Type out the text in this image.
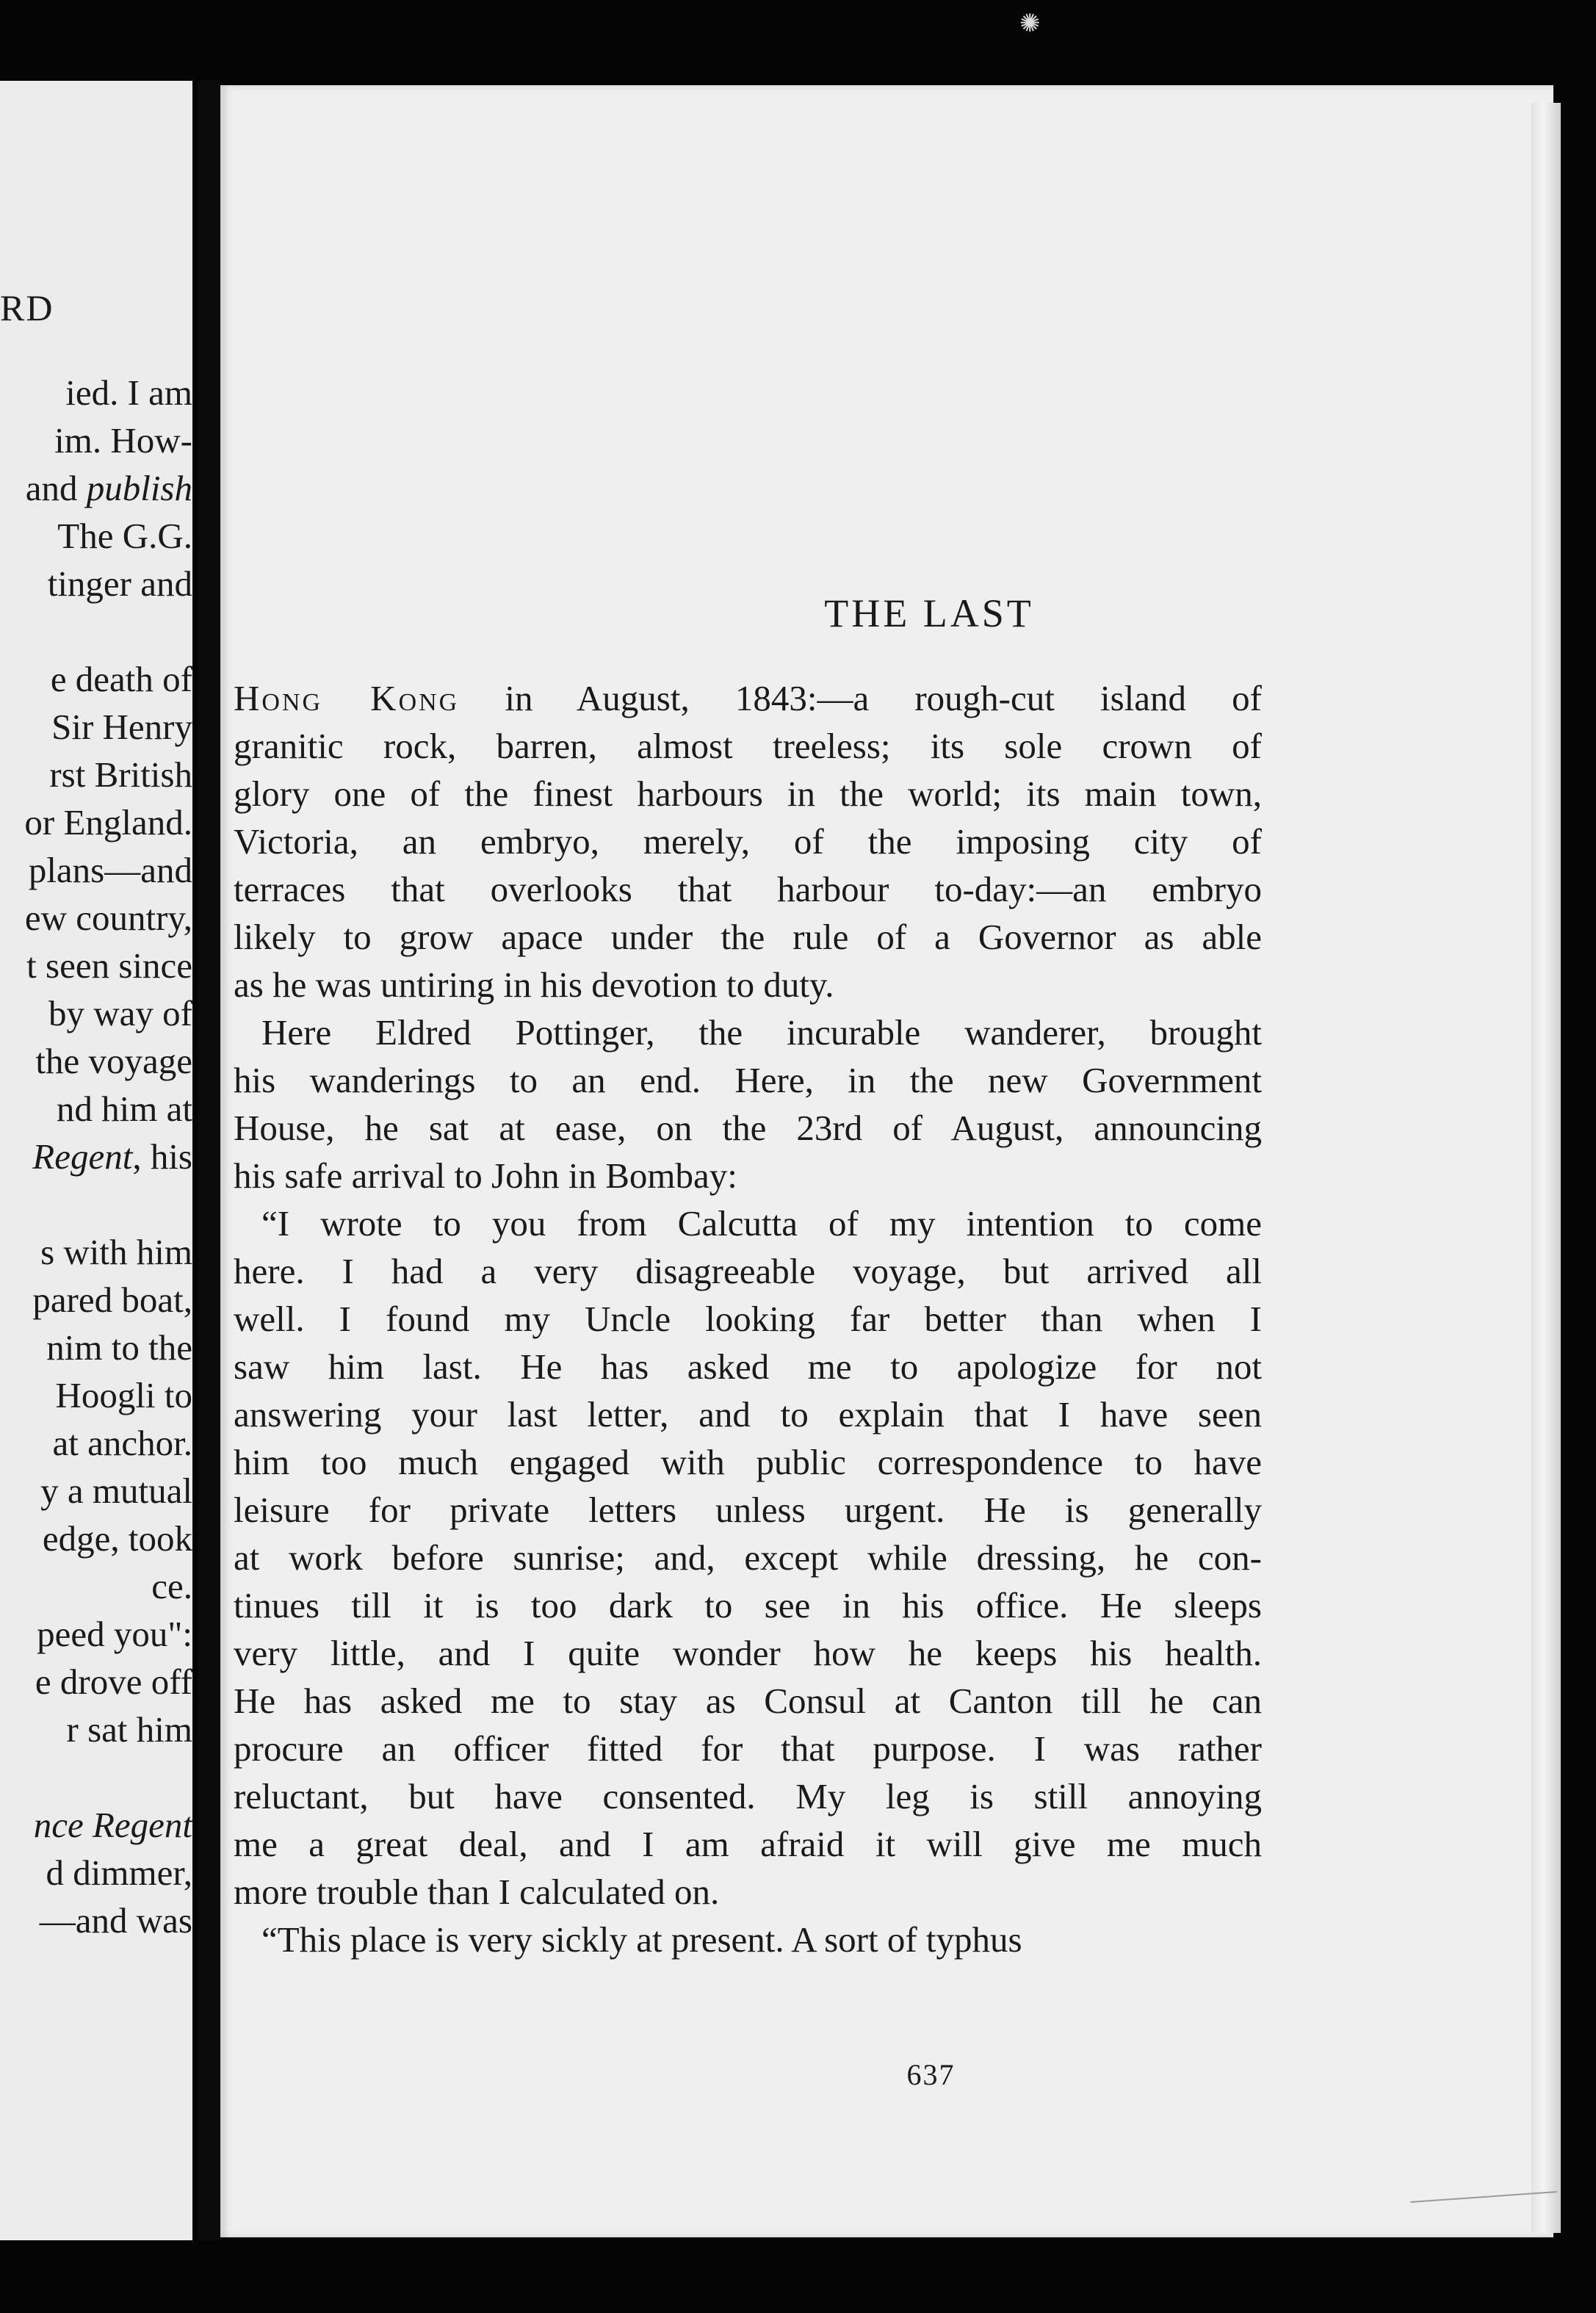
✺
RD
ied. I am
im. How-
and publish
The G.G.
tinger and
e death of
Sir Henry
rst British
or England.
plans—and
ew country,
t seen since
by way of
the voyage
nd him at
Regent, his
s with him
pared boat,
nim to the
Hoogli to
at anchor.
y a mutual
edge, took
ce.
peed you":
e drove off
r sat him
nce Regent
d dimmer,
—and was
THE LAST
637
Hong Kong in August, 1843:—a rough-cut island of
granitic rock, barren, almost treeless; its sole crown of
glory one of the finest harbours in the world; its main town,
Victoria, an embryo, merely, of the imposing city of
terraces that overlooks that harbour to-day:—an embryo
likely to grow apace under the rule of a Governor as able
as he was untiring in his devotion to duty.
Here Eldred Pottinger, the incurable wanderer, brought
his wanderings to an end. Here, in the new Government
House, he sat at ease, on the 23rd of August, announcing
his safe arrival to John in Bombay:
“I wrote to you from Calcutta of my intention to come
here. I had a very disagreeable voyage, but arrived all
well. I found my Uncle looking far better than when I
saw him last. He has asked me to apologize for not
answering your last letter, and to explain that I have seen
him too much engaged with public correspondence to have
leisure for private letters unless urgent. He is generally
at work before sunrise; and, except while dressing, he con-
tinues till it is too dark to see in his office. He sleeps
very little, and I quite wonder how he keeps his health.
He has asked me to stay as Consul at Canton till he can
procure an officer fitted for that purpose. I was rather
reluctant, but have consented. My leg is still annoying
me a great deal, and I am afraid it will give me much
more trouble than I calculated on.
“This place is very sickly at present. A sort of typhus
